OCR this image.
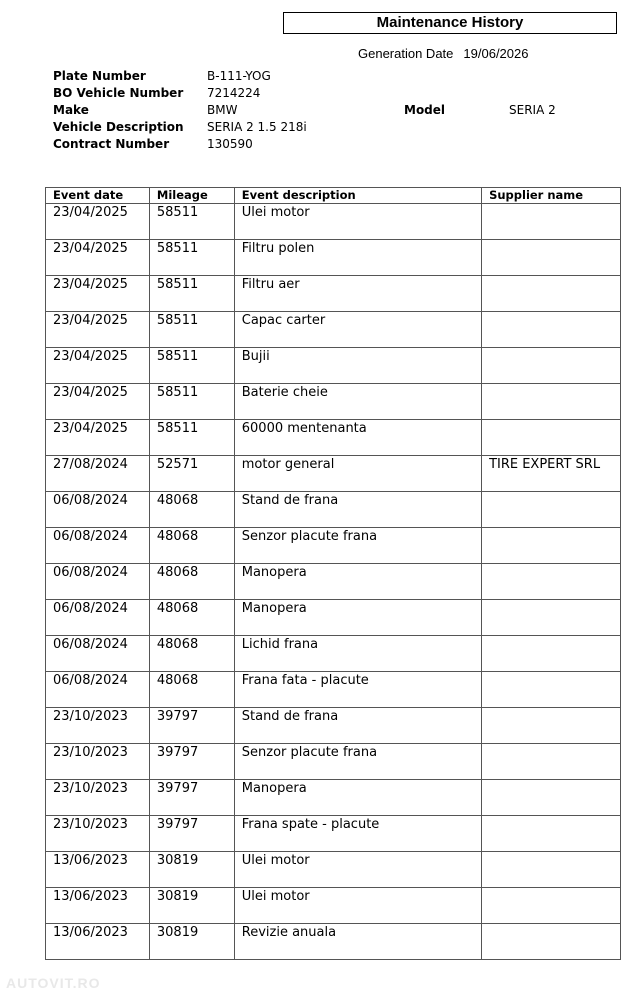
Maintenance History
Generation Date 19/06/2026
Plate Number	B-111-YOG
BO Vehicle Number 7214224
Make	BMW	Model	SERIA 2
Vehicle Description SERIA 2 1.5 218i
Contract Number	130590
Event date	Mileage	Event description	Supplier name
23/04/2025	58511	Ulei motor	
23/04/2025	58511	Filtru polen	
23/04/2025	58511	Filtru aer	
23/04/2025	58511	Capac carter	
23/04/2025	58511	Bujii	
23/04/2025	58511	Baterie cheie	
23/04/2025	58511	60000 mentenanta	
27/08/2024	52571	motor general	TIRE EXPERT SRL
06/08/2024	48068	Stand de frana	
06/08/2024	48068	Senzor placute frana	
06/08/2024	48068	Manopera	
06/08/2024	48068	Manopera	
06/08/2024	48068	Lichid frana	
06/08/2024	48068	Frana fata - placute	
23/10/2023	39797	Stand de frana	
23/10/2023	39797	Senzor placute frana	
23/10/2023	39797	Manopera	
23/10/2023	39797	Frana spate - placute	
13/06/2023	30819	Ulei motor	
13/06/2023	30819	Ulei motor	
13/06/2023	30819	Revizie anuala	
AUTOVIT.RO
